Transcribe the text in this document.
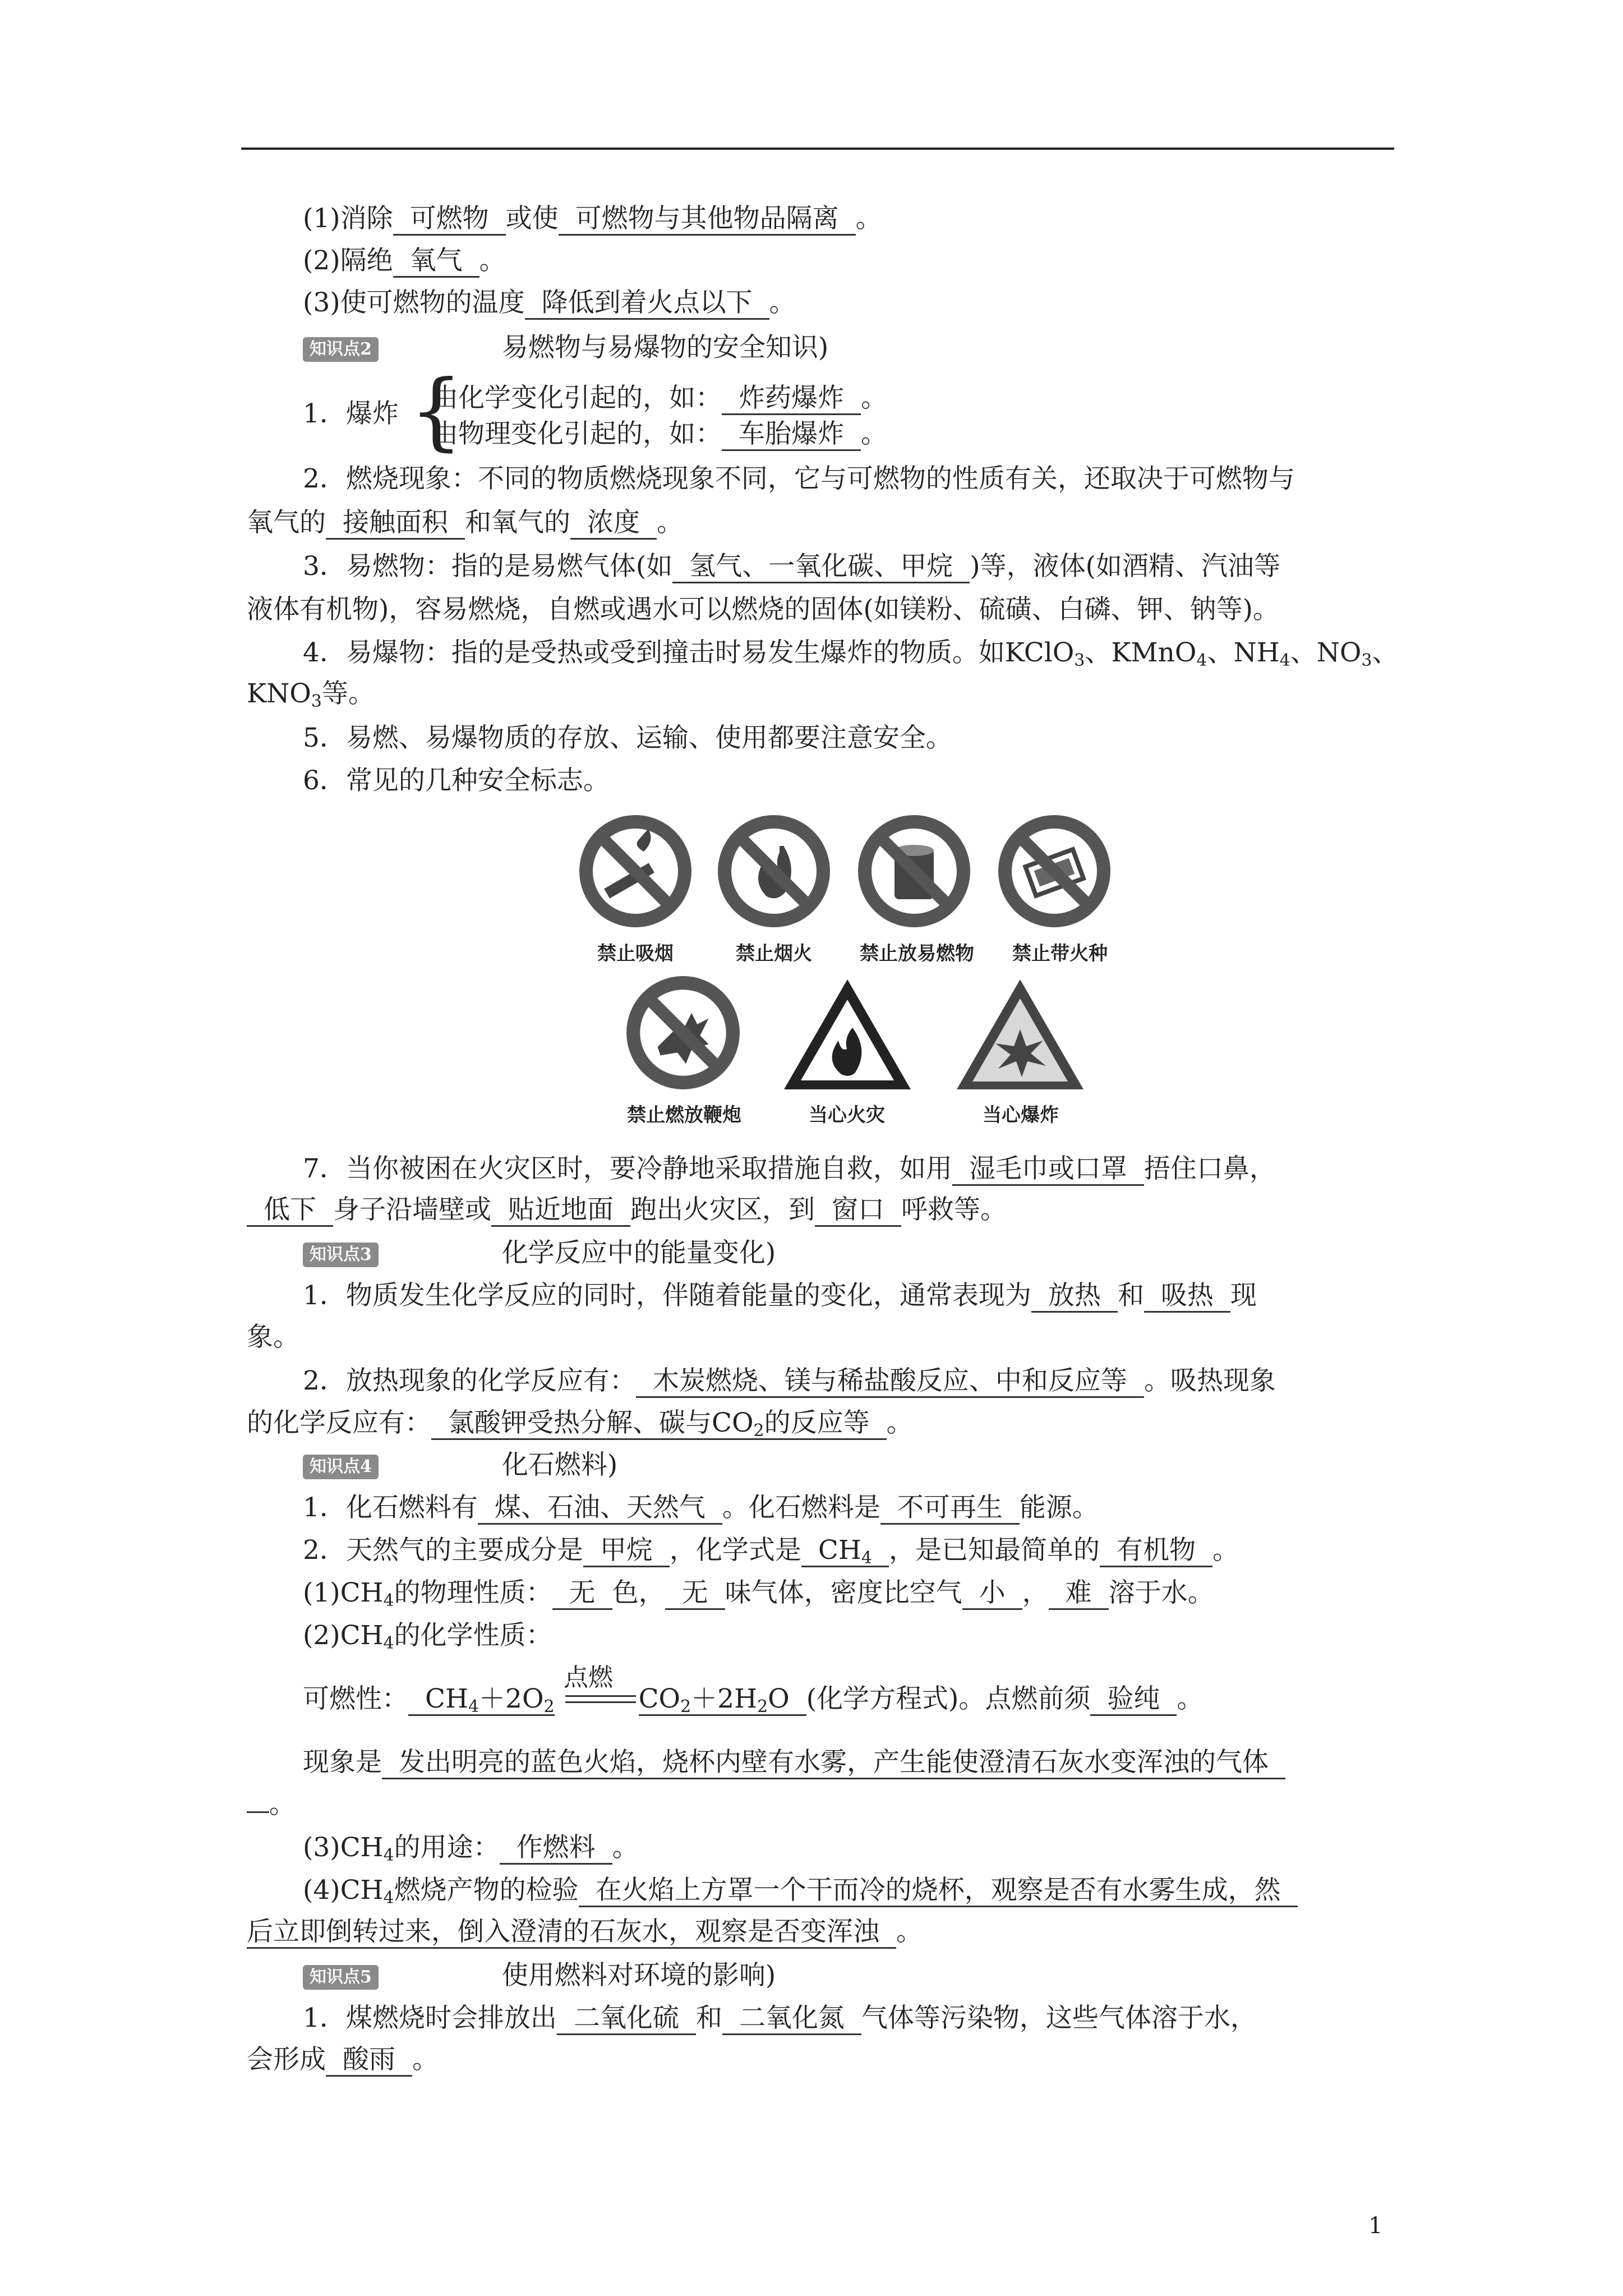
(1)消除 可燃物 或使 可燃物与其他物品隔离 。
(2)隔绝 氧气 。
(3)使可燃物的温度 降低到着火点以下 。
知识点2	易燃物与易爆物的安全知识)
1．爆炸 {
由化学变化引起的，如： 炸药爆炸 。
由物理变化引起的，如： 车胎爆炸 。
2．燃烧现象：不同的物质燃烧现象不同，它与可燃物的性质有关，还取决于可燃物与
氧气的 接触面积 和氧气的 浓度 。
3．易燃物：指的是易燃气体(如 氢气、一氧化碳、甲烷 )等，液体(如酒精、汽油等
液体有机物)，容易燃烧，自燃或遇水可以燃烧的固体(如镁粉、硫磺、白磷、钾、钠等)。
4．易爆物：指的是受热或受到撞击时易发生爆炸的物质。如KClO$_3$、KMnO$_4$、$NH_4$、$NO_3$、
$KNO_3$等。
5．易燃、易爆物质的存放、运输、使用都要注意安全。
6．常见的几种安全标志。
禁止吸烟	禁止烟火	禁止放易燃物	禁止带火种
禁止燃放鞭炮	当心火灾	当心爆炸
7．当你被困在火灾区时，要冷静地采取措施自救，如用 湿毛巾或口罩 捂住口鼻，
低下 身子沿墙壁或 贴近地面 跑出火灾区，到 窗口 呼救等。
知识点3	化学反应中的能量变化)
1．物质发生化学反应的同时，伴随着能量的变化，通常表现为 放热 和 吸热 现
象。
2．放热现象的化学反应有： 木炭燃烧、镁与稀盐酸反应、中和反应等 。吸热现象
的化学反应有： 氯酸钾受热分解、碳与$CO_2$的反应等 。
知识点4	化石燃料)
1．化石燃料有 煤、石油、天然气 。化石燃料是 不可再生 能源。
2．天然气的主要成分是 甲烷 ，化学式是 $CH_4$ ，是已知最简单的 有机物 。
$(1)CH_4$的物理性质： 无 色， 无 味气体，密度比空气 小 ， 难 溶于水。
$(2)CH_4$的化学性质：
点燃
可燃性： $CH_4+2O_2$	$CO_2+2H_2O$ (化学方程式)。点燃前须 验纯 。
现象是 发出明亮的蓝色火焰，烧杯内壁有水雾，产生能使澄清石灰水变浑浊的气体
。
$(3)CH_4$的用途： 作燃料 。
$(4)CH_4$燃烧产物的检验 在火焰上方罩一个干而冷的烧杯，观察是否有水雾生成，然
后立即倒转过来，倒入澄清的石灰水，观察是否变浑浊 。
知识点5	使用燃料对环境的影响)
1．煤燃烧时会排放出 二氧化硫 和 二氧化氮 气体等污染物，这些气体溶于水，
会形成 酸雨 。
1
